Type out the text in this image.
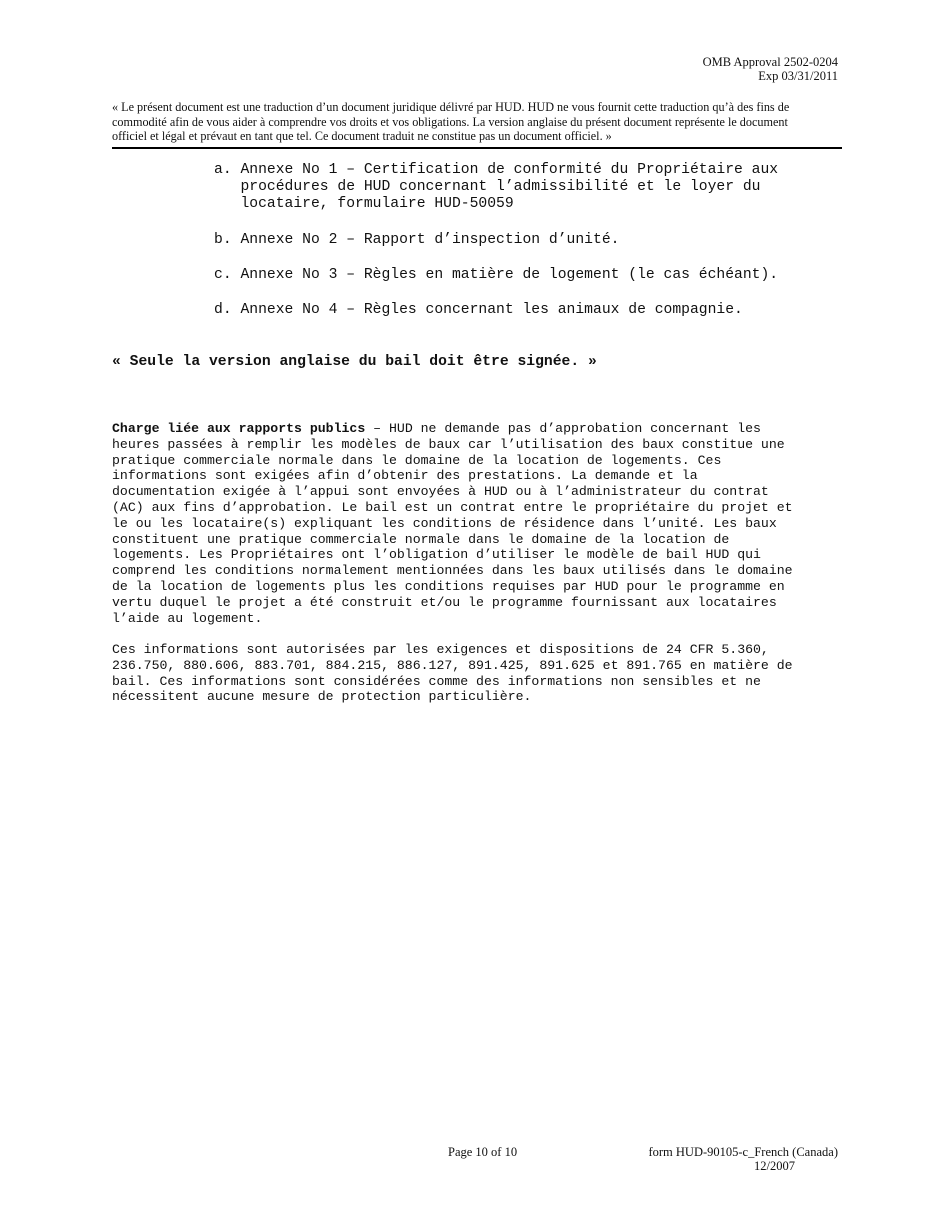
OMB Approval 2502-0204
Exp 03/31/2011
« Le présent document est une traduction d’un document juridique délivré par HUD. HUD ne vous fournit cette traduction qu’à des fins de commodité afin de vous aider à comprendre vos droits et vos obligations. La version anglaise du présent document représente le document officiel et légal et prévaut en tant que tel. Ce document traduit ne constitue pas un document officiel. »
a. Annexe No 1 – Certification de conformité du Propriétaire aux
procédures de HUD concernant l’admissibilité et le loyer du
locataire, formulaire HUD-50059
b. Annexe No 2 – Rapport d’inspection d’unité.
c. Annexe No 3 – Règles en matière de logement (le cas échéant).
d. Annexe No 4 – Règles concernant les animaux de compagnie.
« Seule la version anglaise du bail doit être signée. »
Charge liée aux rapports publics – HUD ne demande pas d’approbation concernant les
heures passées à remplir les modèles de baux car l’utilisation des baux constitue une
pratique commerciale normale dans le domaine de la location de logements. Ces
informations sont exigées afin d’obtenir des prestations. La demande et la
documentation exigée à l’appui sont envoyées à HUD ou à l’administrateur du contrat
(AC) aux fins d’approbation. Le bail est un contrat entre le propriétaire du projet et
le ou les locataire(s) expliquant les conditions de résidence dans l’unité. Les baux
constituent une pratique commerciale normale dans le domaine de la location de
logements. Les Propriétaires ont l’obligation d’utiliser le modèle de bail HUD qui
comprend les conditions normalement mentionnées dans les baux utilisés dans le domaine
de la location de logements plus les conditions requises par HUD pour le programme en
vertu duquel le projet a été construit et/ou le programme fournissant aux locataires
l’aide au logement.
Ces informations sont autorisées par les exigences et dispositions de 24 CFR 5.360,
236.750, 880.606, 883.701, 884.215, 886.127, 891.425, 891.625 et 891.765 en matière de
bail. Ces informations sont considérées comme des informations non sensibles et ne
nécessitent aucune mesure de protection particulière.
Page 10 of 10	form HUD-90105-c_French (Canada)
12/2007
